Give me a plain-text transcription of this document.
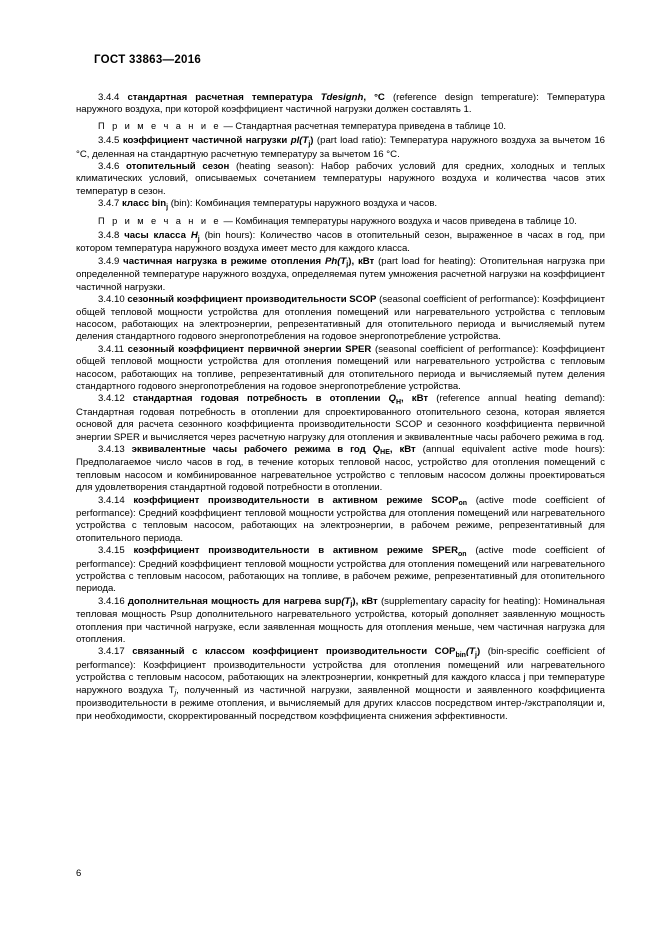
ГОСТ 33863—2016

3.4.4 стандартная расчетная температура Tdesignh, °С (reference design temperature): Температура наружного воздуха, при которой коэффициент частичной нагрузки должен составлять 1.

П р и м е ч а н и е — Стандартная расчетная температура приведена в таблице 10.

3.4.5 коэффициент частичной нагрузки $pl(T_j)$ (part load ratio): Температура наружного воздуха за вычетом 16 °С, деленная на стандартную расчетную температуру за вычетом 16 °С.

3.4.6 отопительный сезон (heating season): Набор рабочих условий для средних, холодных и теплых климатических условий, описываемых сочетанием температуры наружного воздуха и количества часов этих температур в сезон.

3.4.7 класс bin$_j$ (bin): Комбинация температуры наружного воздуха и часов.

П р и м е ч а н и е — Комбинация температуры наружного воздуха и часов приведена в таблице 10.

3.4.8 часы класса $H_j$ (bin hours): Количество часов в отопительный сезон, выраженное в часах в год, при котором температура наружного воздуха имеет место для каждого класса.

3.4.9 частичная нагрузка в режиме отопления $Ph(T_j)$, кВт (part load for heating): Отопительная нагрузка при определенной температуре наружного воздуха, определяемая путем умножения расчетной нагрузки на коэффициент частичной нагрузки.

3.4.10 сезонный коэффициент производительности SCOP (seasonal coefficient of performance): Коэффициент общей тепловой мощности устройства для отопления помещений или нагревательного устройства с тепловым насосом, работающих на электроэнергии, репрезентативный для отопительного периода и вычисляемый путем деления стандартного годового энергопотребления на годовое энергопотребление устройства.

3.4.11 сезонный коэффициент первичной энергии SPER (seasonal coefficient of performance): Коэффициент общей тепловой мощности устройства для отопления помещений или нагревательного устройства с тепловым насосом, работающих на топливе, репрезентативный для отопительного периода и вычисляемый путем деления стандартного годового энергопотребления на годовое энергопотребление устройства.

3.4.12 стандартная годовая потребность в отоплении $Q_H$, кВт (reference annual heating demand): Стандартная годовая потребность в отоплении для спроектированного отопительного сезона, которая является основой для расчета сезонного коэффициента производительности SCOP и сезонного коэффициента первичной энергии SPER и вычисляется через расчетную нагрузку для отопления и эквивалентные часы рабочего режима в год.

3.4.13 эквивалентные часы рабочего режима в год $Q_{HE}$, кВт (annual equivalent active mode hours): Предполагаемое число часов в год, в течение которых тепловой насос, устройство для отопления помещений с тепловым насосом и комбинированное нагревательное устройство с тепловым насосом должны проектироваться для удовлетворения стандартной годовой потребности в отоплении.

3.4.14 коэффициент производительности в активном режиме $SCOP_{on}$ (active mode coefficient of performance): Средний коэффициент тепловой мощности устройства для отопления помещений или нагревательного устройства с тепловым насосом, работающих на электроэнергии, в рабочем режиме, репрезентативный для отопительного периода.

3.4.15 коэффициент производительности в активном режиме $SPER_{on}$ (active mode coefficient of performance): Средний коэффициент тепловой мощности устройства для отопления помещений или нагревательного устройства с тепловым насосом, работающих на топливе, в рабочем режиме, репрезентативный для отопительного периода.

3.4.16 дополнительная мощность для нагрева $sup(T_j)$, кВт (supplementary capacity for heating): Номинальная тепловая мощность Рsup дополнительного нагревательного устройства, который дополняет заявленную мощность отопления при частичной нагрузке, если заявленная мощность для отопления меньше, чем частичная нагрузка для отопления.

3.4.17 связанный с классом коэффициент производительности $COP_{bin}(T_j)$ (bin-specific coefficient of performance): Коэффициент производительности устройства для отопления помещений или нагревательного устройства с тепловым насосом, работающих на электроэнергии, конкретный для каждого класса j при температуре наружного воздуха $T_j$, полученный из частичной нагрузки, заявленной мощности и заявленного коэффициента производительности в режиме отопления, и вычисляемый для других классов посредством интер-/экстраполяции и, при необходимости, скорректированный посредством коэффициента снижения эффективности.

6
